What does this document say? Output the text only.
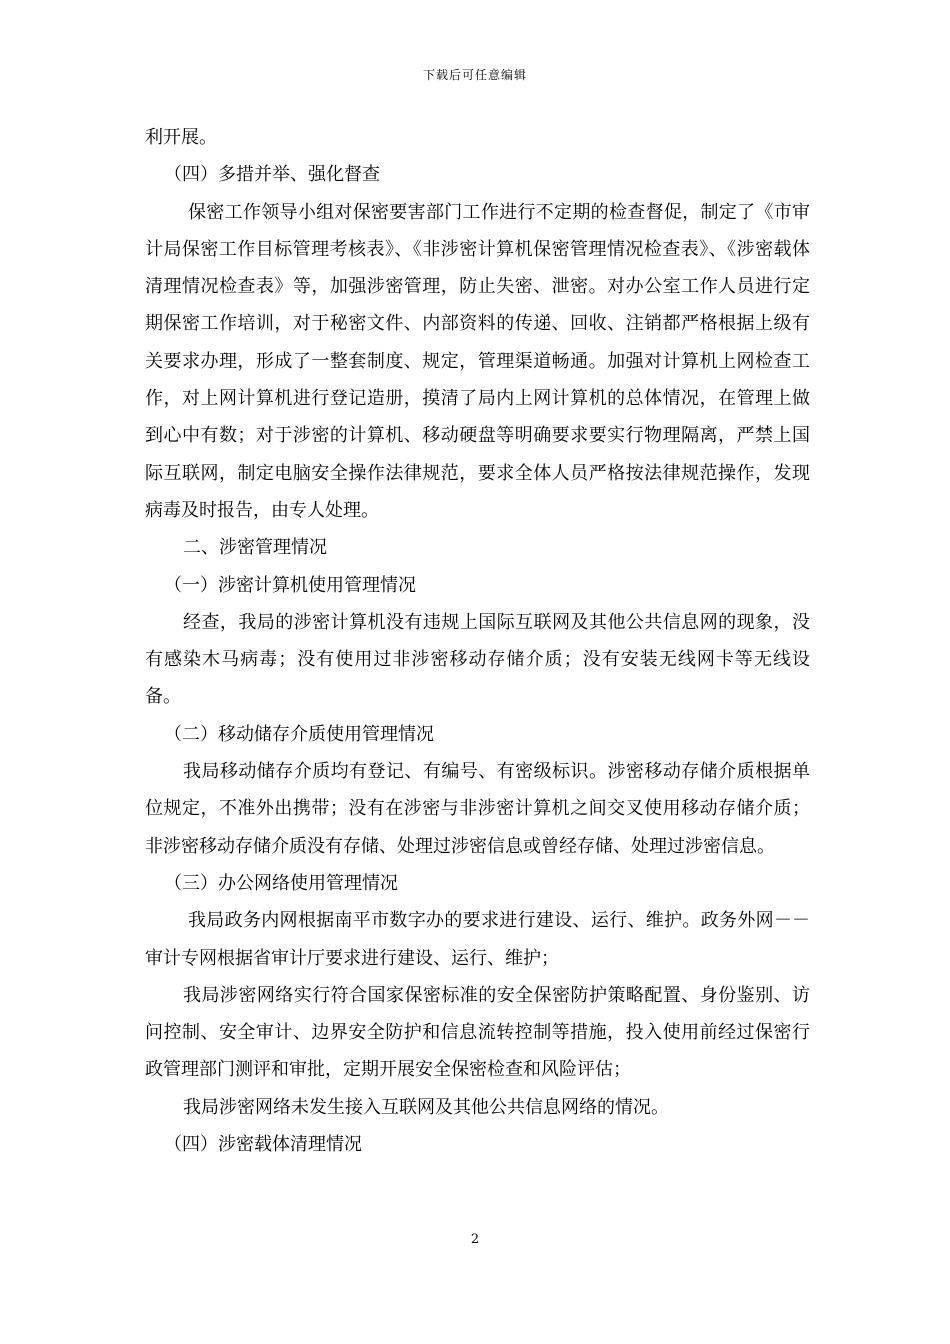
下载后可任意编辑

利开展。

（四）多措并举、强化督查

保密工作领导小组对保密要害部门工作进行不定期的检查督促，制定了《市审计局保密工作目标管理考核表》、《非涉密计算机保密管理情况检查表》、《涉密载体清理情况检查表》等，加强涉密管理，防止失密、泄密。对办公室工作人员进行定期保密工作培训，对于秘密文件、内部资料的传递、回收、注销都严格根据上级有关要求办理，形成了一整套制度、规定，管理渠道畅通。加强对计算机上网检查工作，对上网计算机进行登记造册，摸清了局内上网计算机的总体情况，在管理上做到心中有数；对于涉密的计算机、移动硬盘等明确要求要实行物理隔离，严禁上国际互联网，制定电脑安全操作法律规范，要求全体人员严格按法律规范操作，发现病毒及时报告，由专人处理。

二、涉密管理情况

（一）涉密计算机使用管理情况

经查，我局的涉密计算机没有违规上国际互联网及其他公共信息网的现象，没有感染木马病毒；没有使用过非涉密移动存储介质；没有安装无线网卡等无线设备。

（二）移动储存介质使用管理情况

我局移动储存介质均有登记、有编号、有密级标识。涉密移动存储介质根据单位规定，不准外出携带；没有在涉密与非涉密计算机之间交叉使用移动存储介质；非涉密移动存储介质没有存储、处理过涉密信息或曾经存储、处理过涉密信息。

（三）办公网络使用管理情况

我局政务内网根据南平市数字办的要求进行建设、运行、维护。政务外网－－审计专网根据省审计厅要求进行建设、运行、维护；

我局涉密网络实行符合国家保密标准的安全保密防护策略配置、身份鉴别、访问控制、安全审计、边界安全防护和信息流转控制等措施，投入使用前经过保密行政管理部门测评和审批，定期开展安全保密检查和风险评估；

我局涉密网络未发生接入互联网及其他公共信息网络的情况。

（四）涉密载体清理情况

2
